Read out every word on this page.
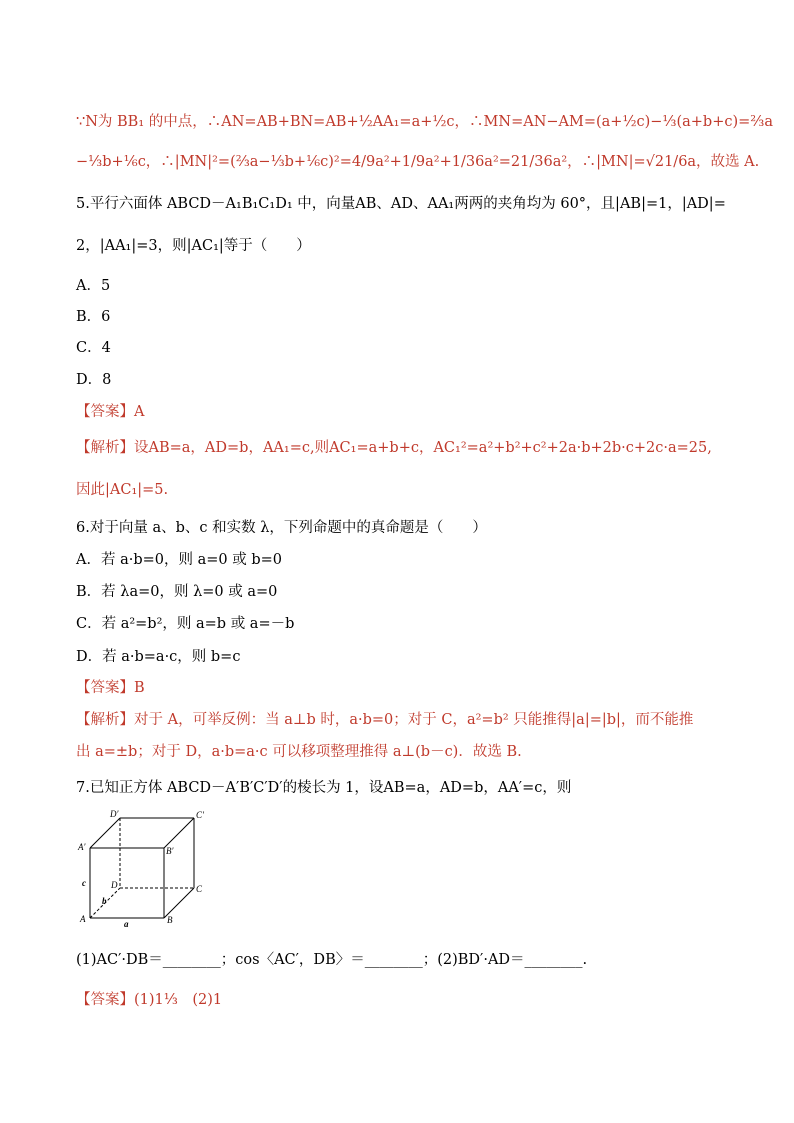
∵N为 BB₁ 的中点，∴AN=AB+BN=AB+½AA₁=a+½c，∴MN=AN−AM=(a+½c)−⅓(a+b+c)=⅔a
−⅓b+⅙c，∴|MN|²=(⅔a−⅓b+⅙c)²=4/9a²+1/9a²+1/36a²=21/36a²，∴|MN|=√21/6a，故选 A.
5.平行六面体 ABCD－A₁B₁C₁D₁ 中，向量AB、AD、AA₁两两的夹角均为 60°，且|AB|=1，|AD|=
2，|AA₁|=3，则|AC₁|等于（　　）
A．5
B．6
C．4
D．8
【答案】A
【解析】设AB=a，AD=b，AA₁=c,则AC₁=a+b+c，AC₁²=a²+b²+c²+2a·b+2b·c+2c·a=25,
因此|AC₁|=5.
6.对于向量 a、b、c 和实数 λ，下列命题中的真命题是（　　）
A．若 a·b=0，则 a=0 或 b=0
B．若 λa=0，则 λ=0 或 a=0
C．若 a²=b²，则 a=b 或 a=－b
D．若 a·b=a·c，则 b=c
【答案】B
【解析】对于 A，可举反例：当 a⊥b 时，a·b=0；对于 C，a²=b² 只能推得|a|=|b|，而不能推
出 a=±b；对于 D，a·b=a·c 可以移项整理推得 a⊥(b－c)．故选 B.
7.已知正方体 ABCD－A′B′C′D′的棱长为 1，设AB=a，AD=b，AA′=c，则
D′	C′
A′	B′
D	C
A	B
a
b
c
(1)AC′·DB＝________；cos〈AC′，DB〉＝________；(2)BD′·AD＝________.
【答案】(1)1⅓　(2)1
